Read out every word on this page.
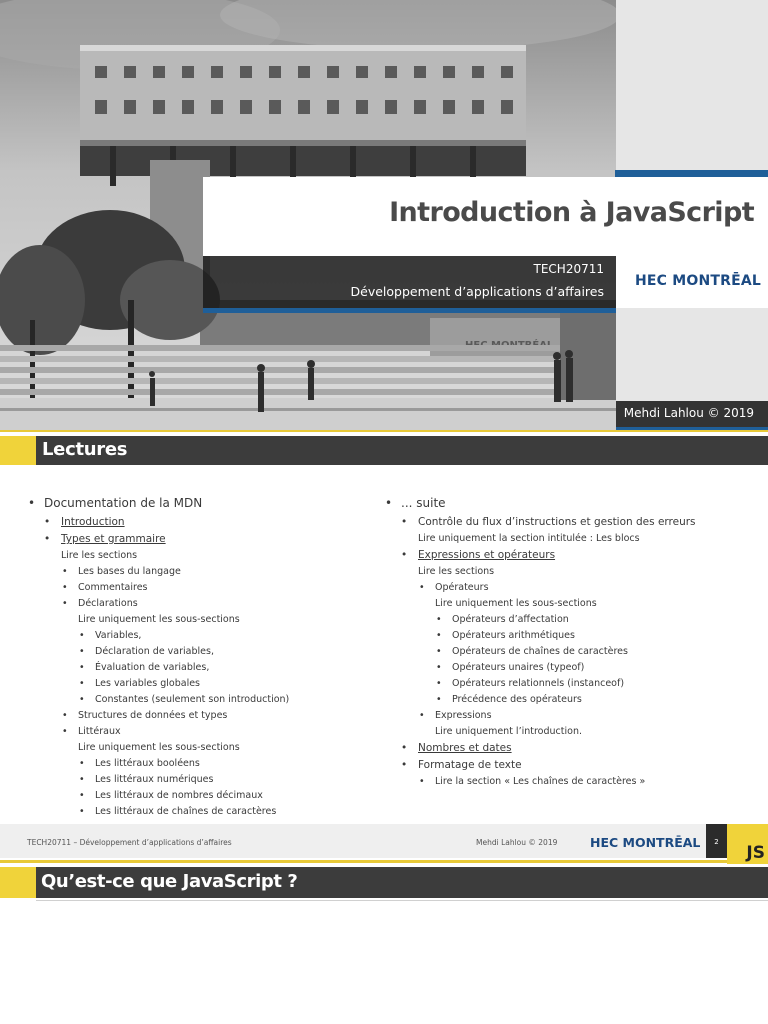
Introduction à JavaScript
TECH20711
Développement d’applications d’affaires
HEC MONTRĒAL
Mehdi Lahlou © 2019
Lectures
• Documentation de la MDN
• Introduction
• Types et grammaire
Lire les sections
• Les bases du langage
• Commentaires
• Déclarations
Lire uniquement les sous-sections
• Variables,
• Déclaration de variables,
• Évaluation de variables,
• Les variables globales
• Constantes (seulement son introduction)
• Structures de données et types
• Littéraux
Lire uniquement les sous-sections
• Les littéraux booléens
• Les littéraux numériques
• Les littéraux de nombres décimaux
• Les littéraux de chaînes de caractères
• ... suite
• Contrôle du flux d’instructions et gestion des erreurs
Lire uniquement la section intitulée : Les blocs
• Expressions et opérateurs
Lire les sections
• Opérateurs
Lire uniquement les sous-sections
• Opérateurs d’affectation
• Opérateurs arithmétiques
• Opérateurs de chaînes de caractères
• Opérateurs unaires (typeof)
• Opérateurs relationnels (instanceof)
• Précédence des opérateurs
• Expressions
Lire uniquement l’introduction.
• Nombres et dates
• Formatage de texte
• Lire la section « Les chaînes de caractères »
TECH20711 – Développement d’applications d’affaires	Mehdi Lahlou © 2019	HEC MONTRĒAL	2
JS
Qu’est-ce que JavaScript ?
